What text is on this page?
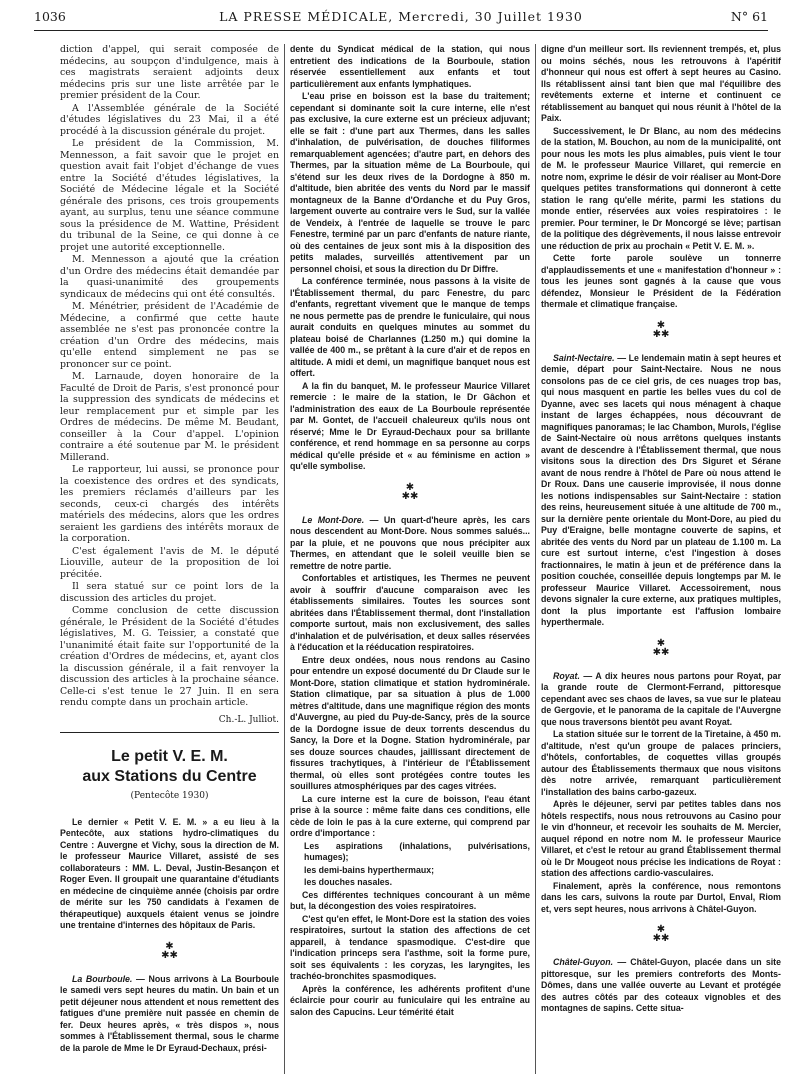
1036	LA PRESSE MÉDICALE, Mercredi, 30 Juillet 1930	N° 61

diction d'appel, qui serait composée de médecins, au soupçon d'indulgence, mais à ces magistrats seraient adjoints deux médecins pris sur une liste arrêtée par le premier président de la Cour.

A l'Assemblée générale de la Société d'études législatives du 23 Mai, il a été procédé à la discussion générale du projet.

Le président de la Commission, M. Mennesson, a fait savoir que le projet en question avait fait l'objet d'échange de vues entre la Société d'études législatives, la Société de Médecine légale et la Société générale des prisons, ces trois groupements ayant, au surplus, tenu une séance commune sous la présidence de M. Wattine, Président du tribunal de la Seine, ce qui donne à ce projet une autorité exceptionnelle.

M. Mennesson a ajouté que la création d'un Ordre des médecins était demandée par la quasi-unanimité des groupements syndicaux de médecins qui ont été consultés.

M. Ménétrier, président de l'Académie de Médecine, a confirmé que cette haute assemblée ne s'est pas prononcée contre la création d'un Ordre des médecins, mais qu'elle entend simplement ne pas se prononcer sur ce point.

M. Larnaude, doyen honoraire de la Faculté de Droit de Paris, s'est prononcé pour la suppression des syndicats de médecins et leur remplacement pur et simple par les Ordres de médecins. De même M. Beudant, conseiller à la Cour d'appel. L'opinion contraire a été soutenue par M. le président Millerand.

Le rapporteur, lui aussi, se prononce pour la coexistence des ordres et des syndicats, les premiers réclamés d'ailleurs par les seconds, ceux-ci chargés des intérêts matériels des médecins, alors que les ordres seraient les gardiens des intérêts moraux de la corporation.

C'est également l'avis de M. le député Liouville, auteur de la proposition de loi précitée.

Il sera statué sur ce point lors de la discussion des articles du projet.

Comme conclusion de cette discussion générale, le Président de la Société d'études législatives, M. G. Teissier, a constaté que l'unanimité était faite sur l'opportunité de la création d'Ordres de médecins, et, ayant clos la discussion générale, il a fait renvoyer la discussion des articles à la prochaine séance. Celle-ci s'est tenue le 27 Juin. Il en sera rendu compte dans un prochain article.

Ch.-L. Julliot.
Le petit V. E. M.
aux Stations du Centre
(Pentecôte 1930)

Le dernier « Petit V. E. M. » a eu lieu à la Pentecôte, aux stations hydro-climatiques du Centre : Auvergne et Vichy, sous la direction de M. le professeur Maurice Villaret, assisté de ses collaborateurs : MM. L. Deval, Justin-Besançon et Roger Even. Il groupait une quarantaine d'étudiants en médecine de cinquième année (choisis par ordre de mérite sur les 750 candidats à l'examen de thérapeutique) auxquels étaient venus se joindre une trentaine d'internes des hôpitaux de Paris.

✱
✱✱

La Bourboule. — Nous arrivons à La Bourboule le samedi vers sept heures du matin. Un bain et un petit déjeuner nous attendent et nous remettent des fatigues d'une première nuit passée en chemin de fer. Deux heures après, « très dispos », nous sommes à l'Établissement thermal, sous le charme de la parole de Mme le Dr Eyraud-Dechaux, prési-

dente du Syndicat médical de la station, qui nous entretient des indications de la Bourboule, station réservée essentiellement aux enfants et tout particulièrement aux enfants lymphatiques.

L'eau prise en boisson est la base du traitement; cependant si dominante soit la cure interne, elle n'est pas exclusive, la cure externe est un précieux adjuvant; elle se fait : d'une part aux Thermes, dans les salles d'inhalation, de pulvérisation, de douches filiformes remarquablement agencées; d'autre part, en dehors des Thermes, par la situation même de La Bourboule, qui s'étend sur les deux rives de la Dordogne à 850 m. d'altitude, bien abritée des vents du Nord par le massif montagneux de la Banne d'Ordanche et du Puy Gros, largement ouverte au contraire vers le Sud, sur la vallée de Vendeix, à l'entrée de laquelle se trouve le parc Fenestre, terminé par un parc d'enfants de nature riante, où des centaines de jeux sont mis à la disposition des petits malades, surveillés attentivement par un personnel choisi, et sous la direction du Dr Diffre.

La conférence terminée, nous passons à la visite de l'Établissement thermal, du parc Fenestre, du parc d'enfants, regrettant vivement que le manque de temps ne nous permette pas de prendre le funiculaire, qui nous aurait conduits en quelques minutes au sommet du plateau boisé de Charlannes (1.250 m.) qui domine la vallée de 400 m., se prêtant à la cure d'air et de repos en altitude. A midi et demi, un magnifique banquet nous est offert.

A la fin du banquet, M. le professeur Maurice Villaret remercie : le maire de la station, le Dr Gâchon et l'administration des eaux de La Bourboule représentée par M. Gontet, de l'accueil chaleureux qu'ils nous ont réservé; Mme le Dr Eyraud-Dechaux pour sa brillante conférence, et rend hommage en sa personne au corps médical qu'elle préside et « au féminisme en action » qu'elle symbolise.

✱
✱✱

Le Mont-Dore. — Un quart-d'heure après, les cars nous descendent au Mont-Dore. Nous sommes salués... par la pluie, et ne pouvons que nous précipiter aux Thermes, en attendant que le soleil veuille bien se remettre de notre partie.

Confortables et artistiques, les Thermes ne peuvent avoir à souffrir d'aucune comparaison avec les établissements similaires. Toutes les sources sont abritées dans l'Établissement thermal, dont l'installation comporte surtout, mais non exclusivement, des salles d'inhalation et de pulvérisation, et deux salles réservées à l'éducation et la rééducation respiratoires.

Entre deux ondées, nous nous rendons au Casino pour entendre un exposé documenté du Dr Claude sur le Mont-Dore, station climatique et station hydrominérale. Station climatique, par sa situation à plus de 1.000 mètres d'altitude, dans une magnifique région des monts d'Auvergne, au pied du Puy-de-Sancy, près de la source de la Dordogne issue de deux torrents descendus du Sancy, la Dore et la Dogne. Station hydrominérale, par ses douze sources chaudes, jaillissant directement de fissures trachytiques, à l'intérieur de l'Établissement thermal, où elles sont protégées contre toutes les souillures atmosphériques par des cages vitrées.

La cure interne est la cure de boisson, l'eau étant prise à la source : même faite dans ces conditions, elle cède de loin le pas à la cure externe, qui comprend par ordre d'importance :

Les aspirations (inhalations, pulvérisations, humages);

les demi-bains hyperthermaux;

les douches nasales.

Ces différentes techniques concourant à un même but, la décongestion des voies respiratoires.

C'est qu'en effet, le Mont-Dore est la station des voies respiratoires, surtout la station des affections de cet appareil, à tendance spasmodique. C'est-dire que l'indication princeps sera l'asthme, soit la forme pure, soit ses équivalents : les coryzas, les laryngites, les trachéo-bronchites spasmodiques.

Après la conférence, les adhérents profitent d'une éclaircie pour courir au funiculaire qui les entraîne au salon des Capucins. Leur témérité était

digne d'un meilleur sort. Ils reviennent trempés, et, plus ou moins séchés, nous les retrouvons à l'apéritif d'honneur qui nous est offert à sept heures au Casino. Ils rétablissent ainsi tant bien que mal l'équilibre des revêtements externe et interne et continuent ce rétablissement au banquet qui nous réunit à l'hôtel de la Paix.

Successivement, le Dr Blanc, au nom des médecins de la station, M. Bouchon, au nom de la municipalité, ont pour nous les mots les plus aimables, puis vient le tour de M. le professeur Maurice Villaret, qui remercie en notre nom, exprime le désir de voir réaliser au Mont-Dore quelques petites transformations qui donneront à cette station le rang qu'elle mérite, parmi les stations du monde entier, réservées aux voies respiratoires : le premier. Pour terminer, le Dr Moncorgé se lève; partisan de la politique des dégrèvements, il nous laisse entrevoir une réduction de prix au prochain « Petit V. E. M. ».

Cette forte parole soulève un tonnerre d'applaudissements et une « manifestation d'honneur » : tous les jeunes sont gagnés à la cause que vous défendez, Monsieur le Président de la Fédération thermale et climatique française.

✱
✱✱

Saint-Nectaire. — Le lendemain matin à sept heures et demie, départ pour Saint-Nectaire. Nous ne nous consolons pas de ce ciel gris, de ces nuages trop bas, qui nous masquent en partie les belles vues du col de Dyanne, avec ses lacets qui nous ménagent à chaque instant de larges échappées, nous découvrant de magnifiques panoramas; le lac Chambon, Murols, l'église de Saint-Nectaire où nous arrêtons quelques instants avant de descendre à l'Établissement thermal, que nous visitons sous la direction des Drs Siguret et Sérane avant de nous rendre à l'hôtel de Pare où nous attend le Dr Roux. Dans une causerie improvisée, il nous donne les notions indispensables sur Saint-Nectaire : station des reins, heureusement située à une altitude de 700 m., sur la dernière pente orientale du Mont-Dore, au pied du Puy d'Eraigne, belle montagne couverte de sapins, et abritée des vents du Nord par un plateau de 1.100 m. La cure est surtout interne, c'est l'ingestion à doses fractionnaires, le matin à jeun et de préférence dans la position couchée, conseillée depuis longtemps par M. le professeur Maurice Villaret. Accessoirement, nous devons signaler la cure externe, aux pratiques multiples, dont la plus importante est l'affusion lombaire hyperthermale.

✱
✱✱

Royat. — A dix heures nous partons pour Royat, par la grande route de Clermont-Ferrand, pittoresque cependant avec ses chaos de laves, sa vue sur le plateau de Gergovie, et le panorama de la capitale de l'Auvergne que nous traversons bientôt peu avant Royat.

La station située sur le torrent de la Tiretaine, à 450 m. d'altitude, n'est qu'un groupe de palaces princiers, d'hôtels, confortables, de coquettes villas groupés autour des Établissements thermaux que nous visitons dès notre arrivée, remarquant particulièrement l'installation des bains carbo-gazeux.

Après le déjeuner, servi par petites tables dans nos hôtels respectifs, nous nous retrouvons au Casino pour le vin d'honneur, et recevoir les souhaits de M. Mercier, auquel répond en notre nom M. le professeur Maurice Villaret, et c'est le retour au grand Établissement thermal où le Dr Mougeot nous précise les indications de Royat : station des affections cardio-vasculaires.

Finalement, après la conférence, nous remontons dans les cars, suivons la route par Durtol, Enval, Riom et, vers sept heures, nous arrivons à Châtel-Guyon.

✱
✱✱

Châtel-Guyon. — Châtel-Guyon, placée dans un site pittoresque, sur les premiers contreforts des Monts-Dômes, dans une vallée ouverte au Levant et protégée des autres côtés par des coteaux vignobles et des montagnes de sapins. Cette situa-
